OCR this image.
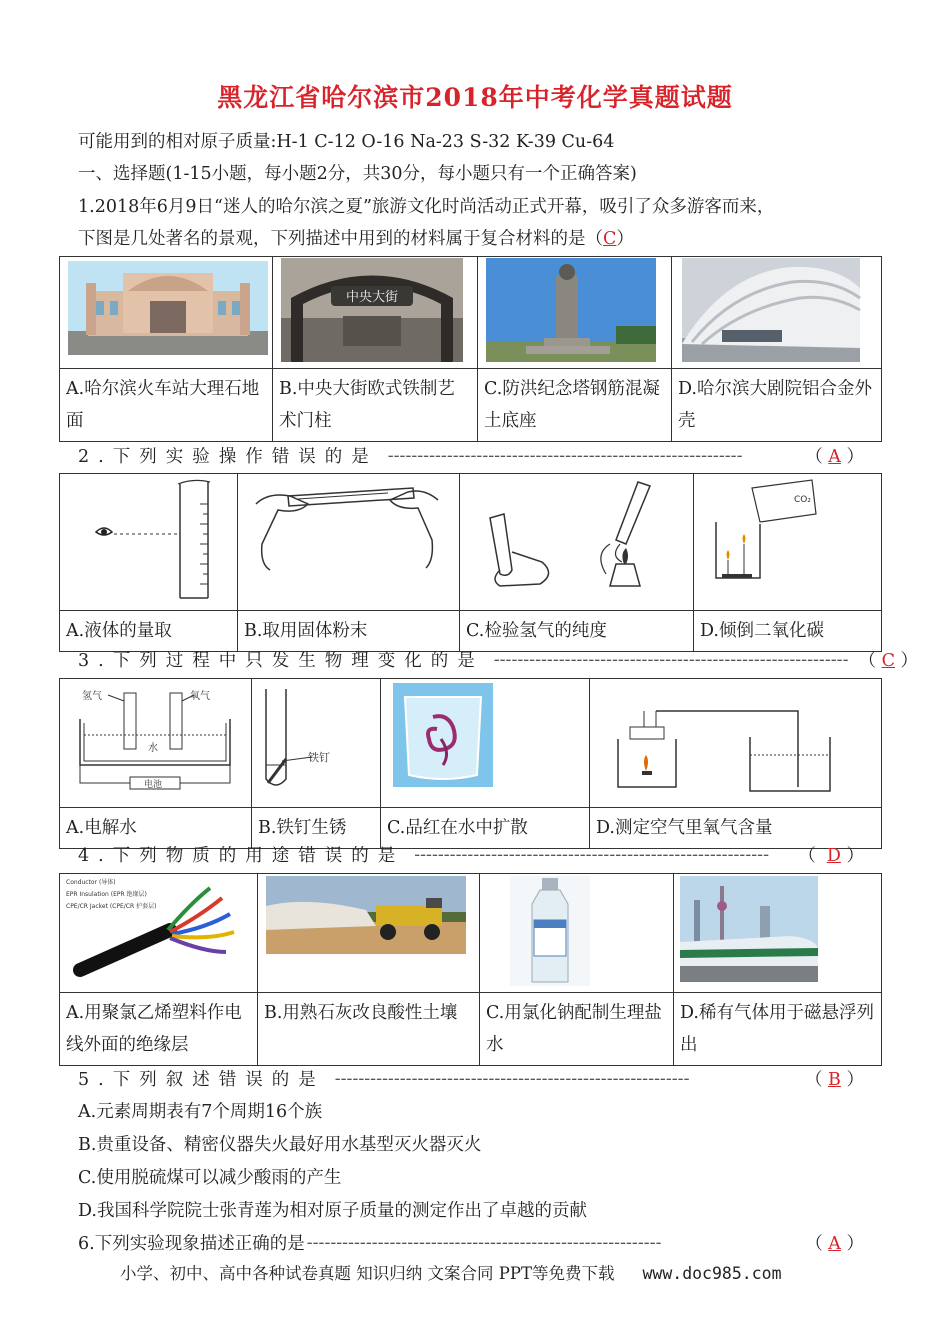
黑龙江省哈尔滨市2018年中考化学真题试题
可能用到的相对原子质量:H-1 C-12 O-16 Na-23 S-32 K-39 Cu-64
一、选择题(1-15小题，每小题2分，共30分，每小题只有一个正确答案)
1.2018年6月9日“迷人的哈尔滨之夏”旅游文化时尚活动正式开幕，吸引了众多游客而来，
下图是几处著名的景观，下列描述中用到的材料属于复合材料的是（C）

中央大街

A.哈尔滨火车站大理石地面	B.中央大街欧式铁制艺术门柱	C.防洪纪念塔钢筋混凝土底座	D.哈尔滨大剧院铝合金外壳
2.下列实验操作错误的是 ------------------------------------------------------------	（ A ）

CO₂

A.液体的量取	B.取用固体粉末	C.检验氢气的纯度	D.倾倒二氧化碳
3.下列过程中只发生物理变化的是 ------------------------------------------------------------ （ C ）
氢气 氧气
水
电池	铁钉

A.电解水	B.铁钉生锈	C.品红在水中扩散	D.测定空气里氧气含量
4.下列物质的用途错误的是 ------------------------------------------------------------	（ D ）
Conductor (导体)
EPR Insulation (EPR 绝缘层)
CPE/CR Jacket (CPE/CR 护套层)

A.用聚氯乙烯塑料作电线外面的绝缘层	B.用熟石灰改良酸性土壤	C.用氯化钠配制生理盐水	D.稀有气体用于磁悬浮列出
5.下列叙述错误的是 ------------------------------------------------------------	（ B ）
A.元素周期表有7个周期16个族
B.贵重设备、精密仪器失火最好用水基型灭火器灭火
C.使用脱硫煤可以减少酸雨的产生
D.我国科学院院士张青莲为相对原子质量的测定作出了卓越的贡献
6.下列实验现象描述正确的是 ------------------------------------------------------------	（ A ）
小学、初中、高中各种试卷真题 知识归纳 文案合同 PPT等免费下载 www.doc985.com
